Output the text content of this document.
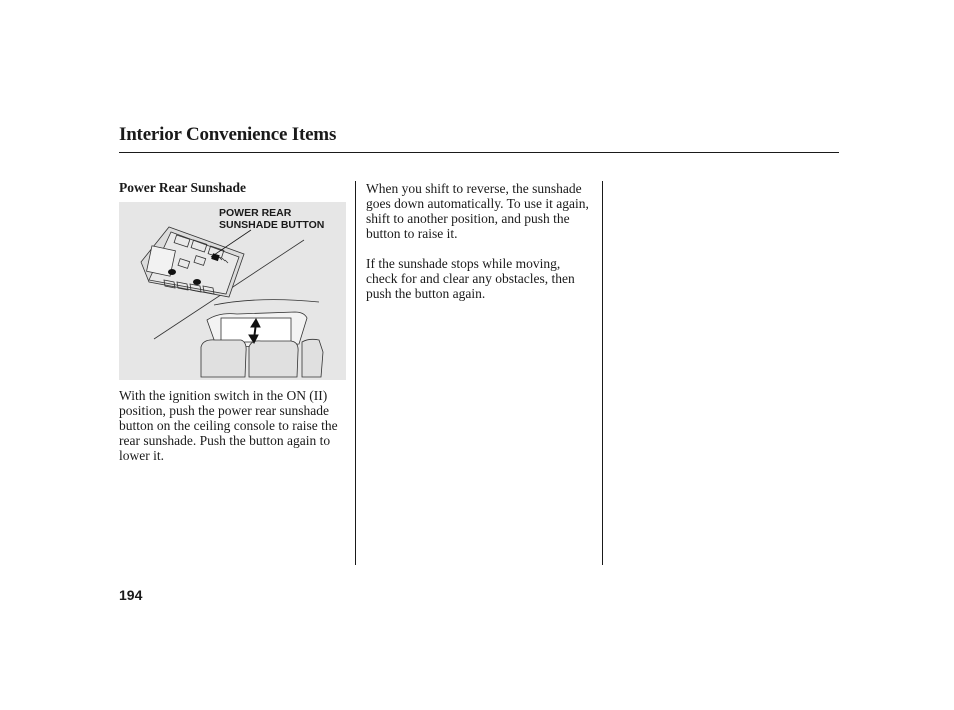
Interior Convenience Items
Power Rear Sunshade
POWER REAR
SUNSHADE BUTTON

With the ignition switch in the ON (II) position, push the power rear sunshade button on the ceiling console to raise the rear sunshade. Push the button again to lower it.

When you shift to reverse, the sunshade goes down automatically. To use it again, shift to another position, and push the button to raise it.

If the sunshade stops while moving, check for and clear any obstacles, then push the button again.

194
